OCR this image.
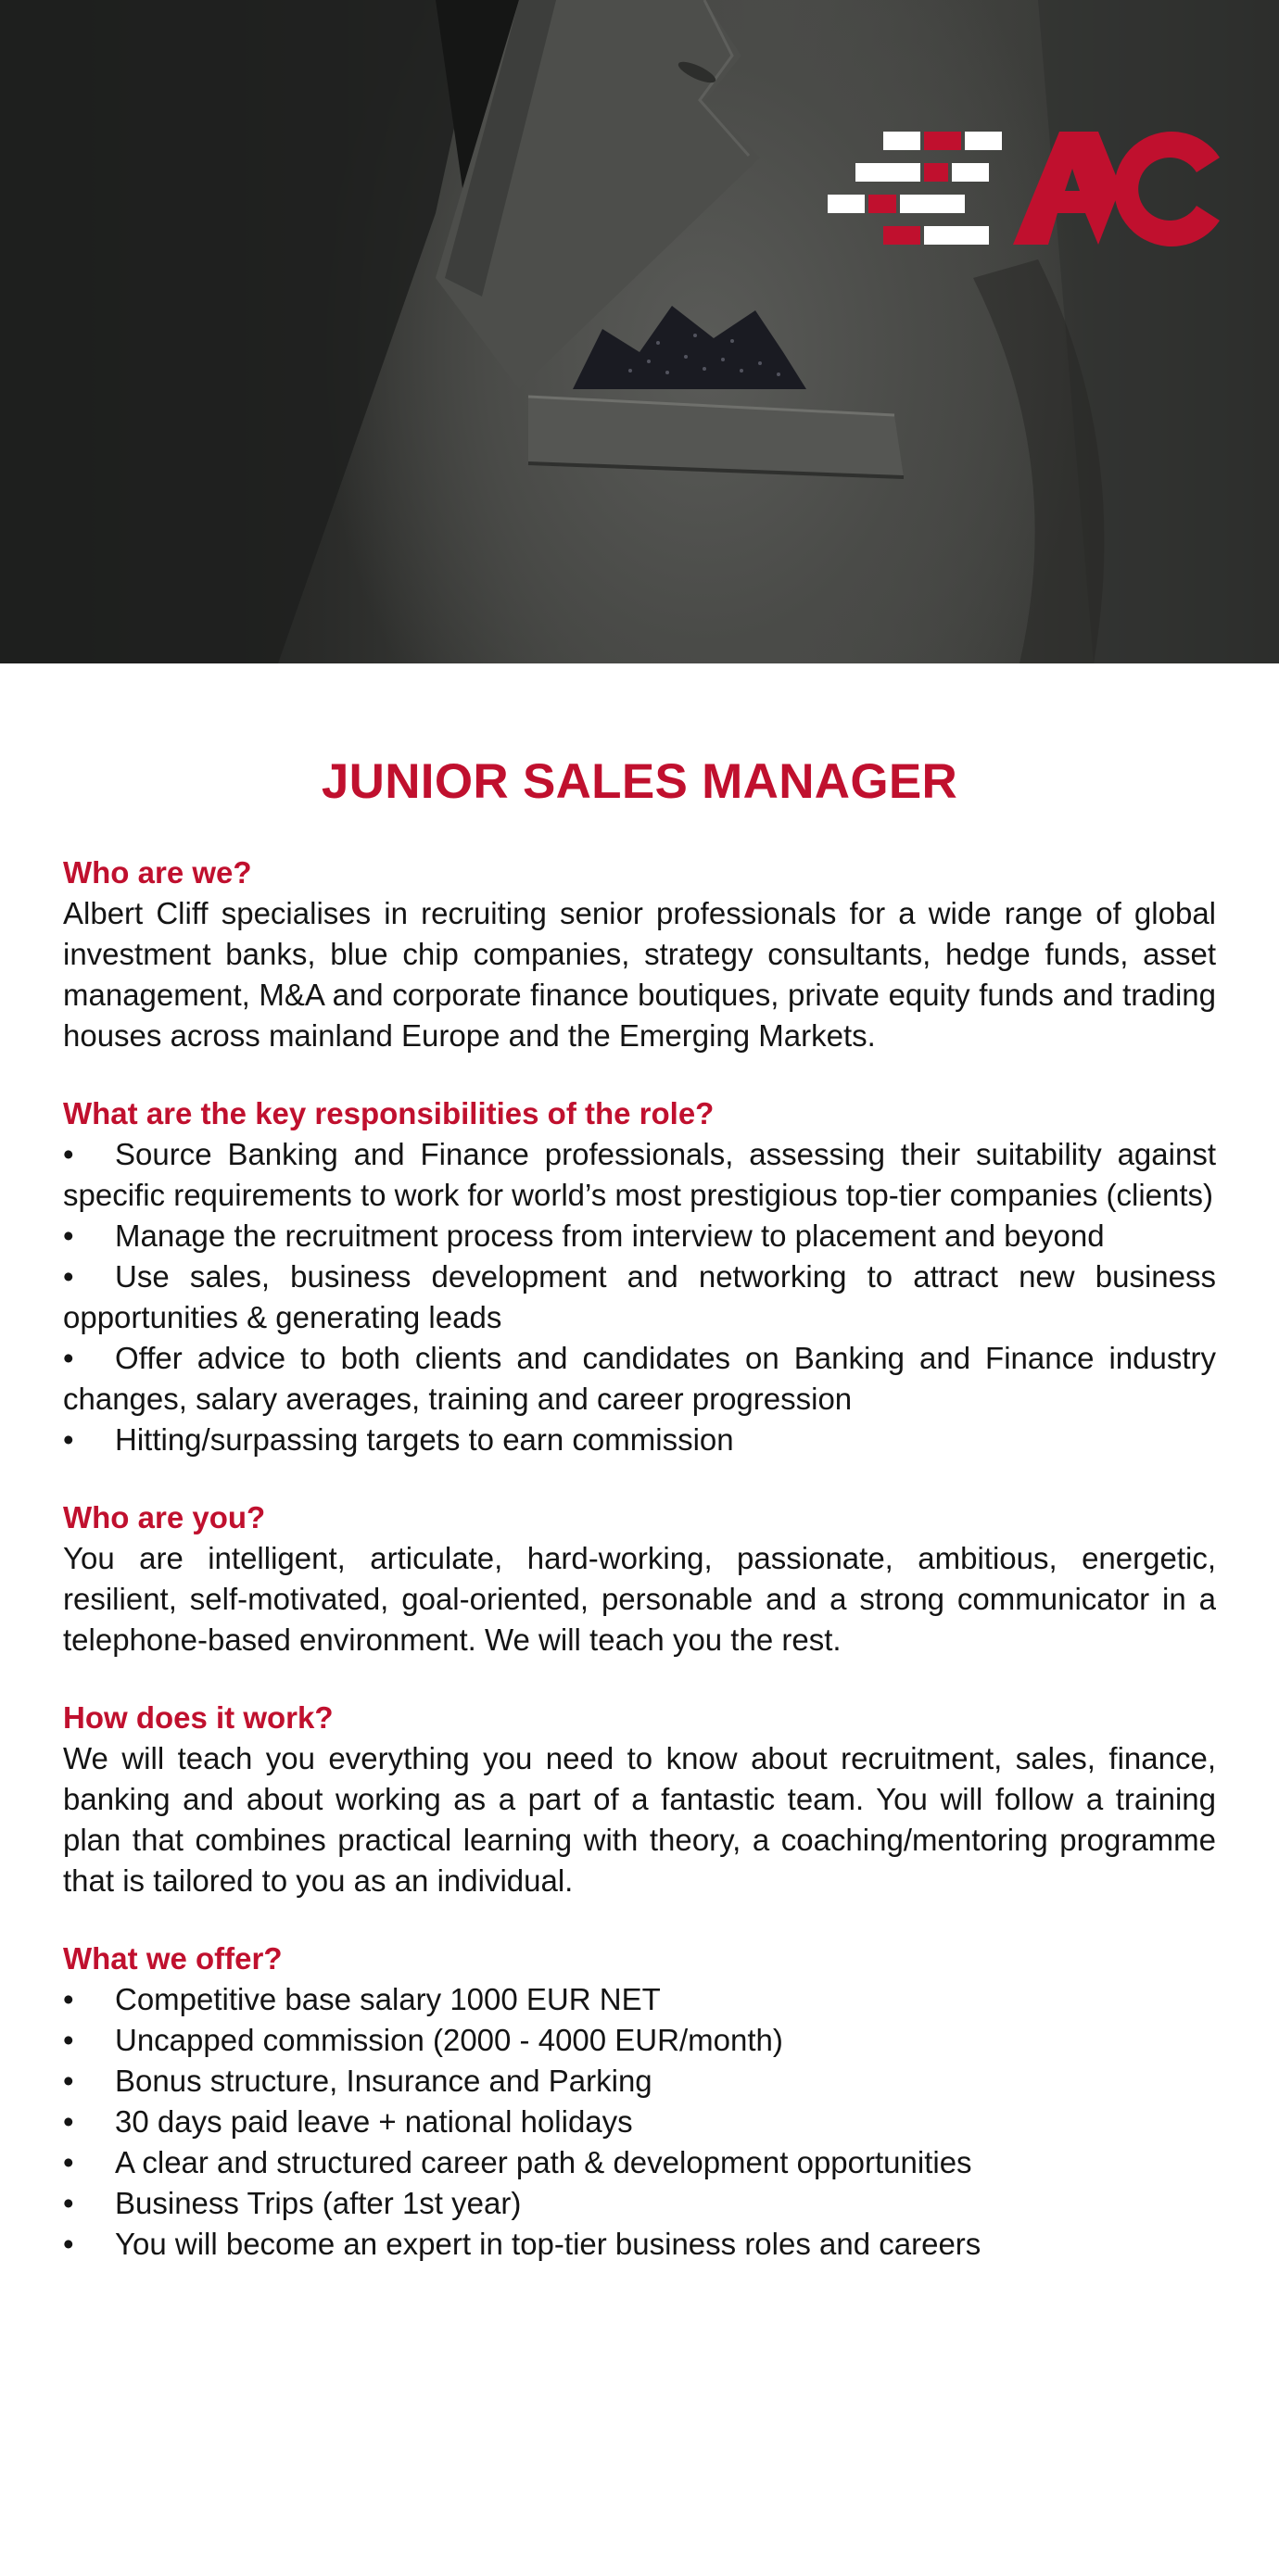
JUNIOR SALES MANAGER

Who are we?

Albert Cliff specialises in recruiting senior professionals for a wide range of global investment banks, blue chip companies, strategy consultants, hedge funds, asset management, M&A and corporate finance boutiques, private equity funds and trading houses across mainland Europe and the Emerging Markets.

What are the key responsibilities of the role?

• Source Banking and Finance professionals, assessing their suitability against specific requirements to work for world’s most prestigious top-tier companies (clients)
• Manage the recruitment process from interview to placement and beyond
• Use sales, business development and networking to attract new business opportunities & generating leads
• Offer advice to both clients and candidates on Banking and Finance industry changes, salary averages, training and career progression
• Hitting/surpassing targets to earn commission

Who are you?

You are intelligent, articulate, hard-working, passionate, ambitious, energetic, resilient, self-motivated, goal-oriented, personable and a strong communicator in a telephone-based environment. We will teach you the rest.

How does it work?

We will teach you everything you need to know about recruitment, sales, finance, banking and about working as a part of a fantastic team. You will follow a training plan that combines practical learning with theory, a coaching/mentoring programme that is tailored to you as an individual.

What we offer?

• Competitive base salary 1000 EUR NET
• Uncapped commission (2000 - 4000 EUR/month)
• Bonus structure, Insurance and Parking
• 30 days paid leave + national holidays
• A clear and structured career path & development opportunities
• Business Trips (after 1st year)
• You will become an expert in top-tier business roles and careers
